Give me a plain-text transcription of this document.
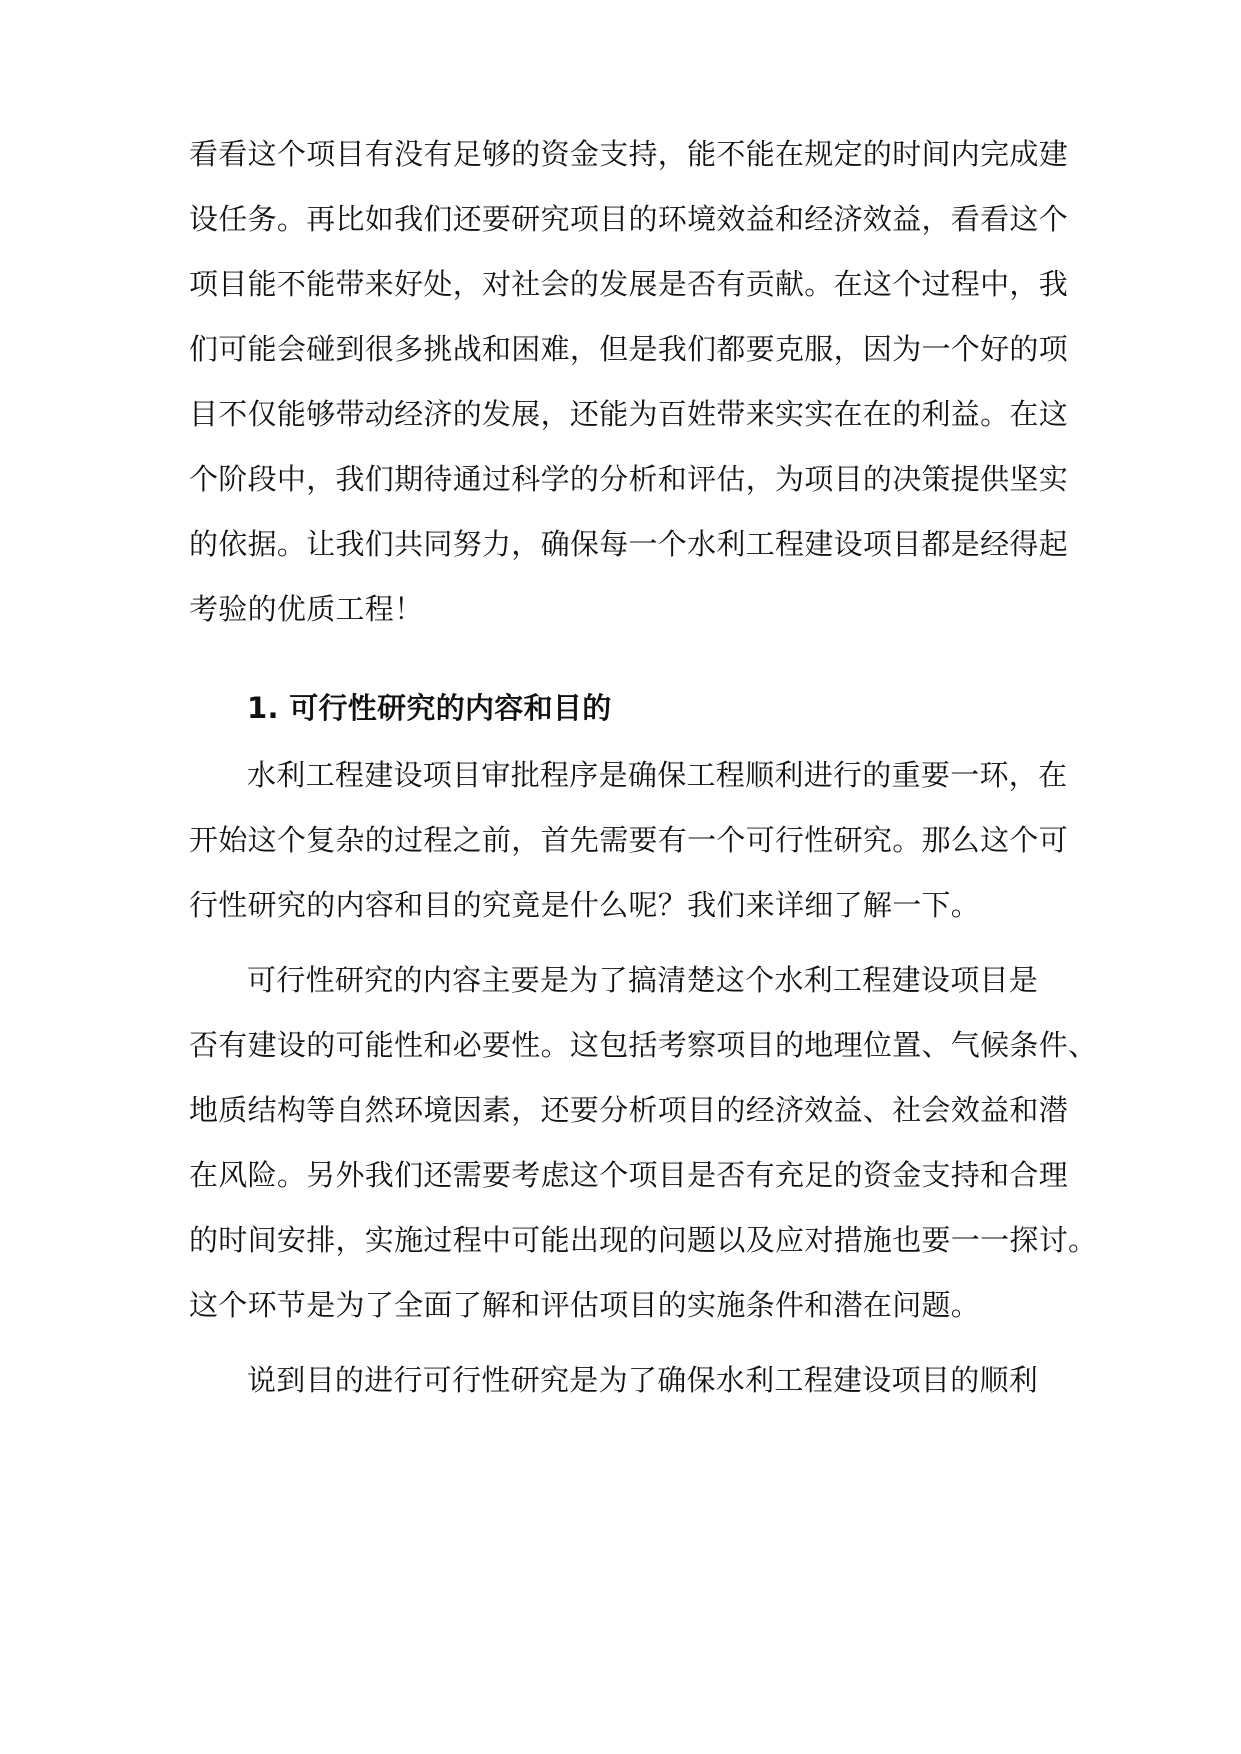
看看这个项目有没有足够的资金支持，能不能在规定的时间内完成建
设任务。再比如我们还要研究项目的环境效益和经济效益，看看这个
项目能不能带来好处，对社会的发展是否有贡献。在这个过程中，我
们可能会碰到很多挑战和困难，但是我们都要克服，因为一个好的项
目不仅能够带动经济的发展，还能为百姓带来实实在在的利益。在这
个阶段中，我们期待通过科学的分析和评估，为项目的决策提供坚实
的依据。让我们共同努力，确保每一个水利工程建设项目都是经得起
考验的优质工程！
1. 可行性研究的内容和目的
水利工程建设项目审批程序是确保工程顺利进行的重要一环，在
开始这个复杂的过程之前，首先需要有一个可行性研究。那么这个可
行性研究的内容和目的究竟是什么呢？我们来详细了解一下。
可行性研究的内容主要是为了搞清楚这个水利工程建设项目是
否有建设的可能性和必要性。这包括考察项目的地理位置、气候条件、
地质结构等自然环境因素，还要分析项目的经济效益、社会效益和潜
在风险。另外我们还需要考虑这个项目是否有充足的资金支持和合理
的时间安排，实施过程中可能出现的问题以及应对措施也要一一探讨。
这个环节是为了全面了解和评估项目的实施条件和潜在问题。
说到目的进行可行性研究是为了确保水利工程建设项目的顺利
